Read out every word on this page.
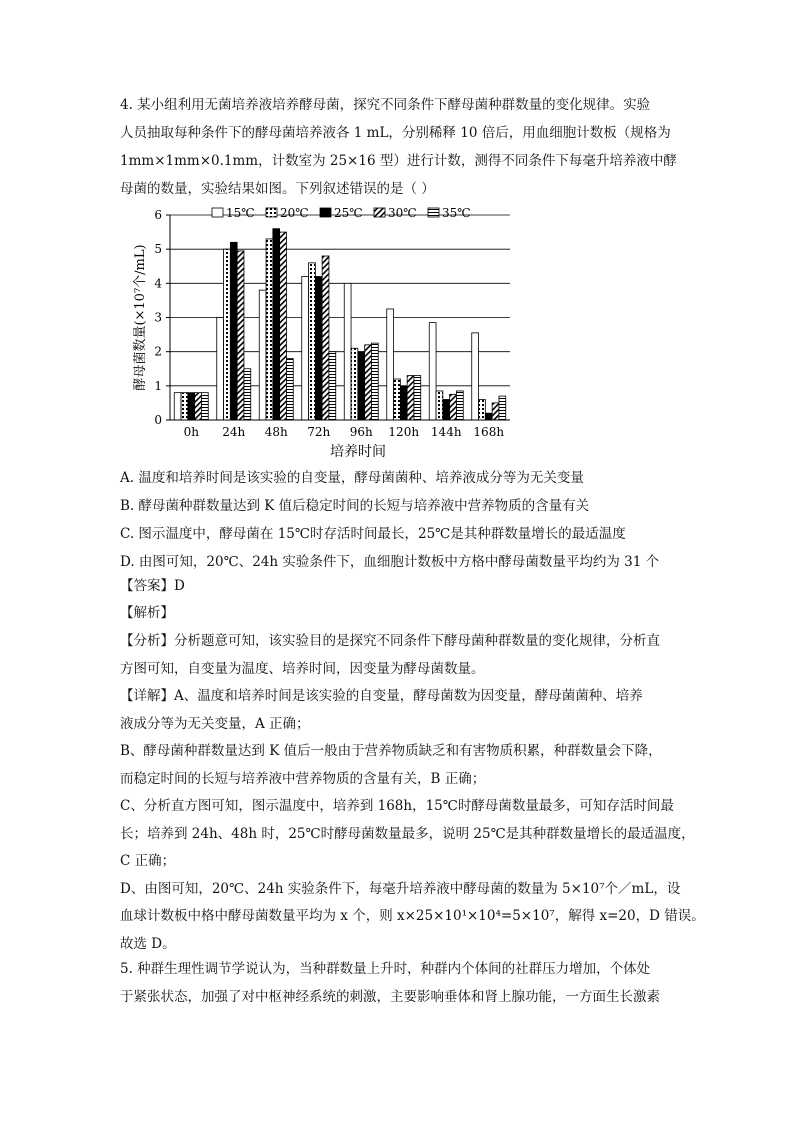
4. 某小组利用无菌培养液培养酵母菌，探究不同条件下酵母菌种群数量的变化规律。实验
人员抽取每种条件下的酵母菌培养液各 1 mL，分别稀释 10 倍后，用血细胞计数板（规格为
1mm×1mm×0.1mm，计数室为 25×16 型）进行计数，测得不同条件下每毫升培养液中酵
母菌的数量，实验结果如图。下列叙述错误的是（ ）
0
1
2
3
4
5
6
酵母菌数量(×10⁷个/mL)
培养时间
0h 24h 48h 72h 96h 120h 144h 168h
15℃ 20℃ 25℃ 30℃ 35℃
A. 温度和培养时间是该实验的自变量，酵母菌菌种、培养液成分等为无关变量
B. 酵母菌种群数量达到 K 值后稳定时间的长短与培养液中营养物质的含量有关
C. 图示温度中，酵母菌在 15℃时存活时间最长，25℃是其种群数量增长的最适温度
D. 由图可知，20℃、24h 实验条件下，血细胞计数板中方格中酵母菌数量平均约为 31 个
【答案】D
【解析】
【分析】分析题意可知，该实验目的是探究不同条件下酵母菌种群数量的变化规律，分析直
方图可知，自变量为温度、培养时间，因变量为酵母菌数量。
【详解】A、温度和培养时间是该实验的自变量，酵母菌数为因变量，酵母菌菌种、培养
液成分等为无关变量，A 正确；
B、酵母菌种群数量达到 K 值后一般由于营养物质缺乏和有害物质积累，种群数量会下降，
而稳定时间的长短与培养液中营养物质的含量有关，B 正确；
C、分析直方图可知，图示温度中，培养到 168h，15℃时酵母菌数量最多，可知存活时间最
长；培养到 24h、48h 时，25℃时酵母菌数量最多，说明 25℃是其种群数量增长的最适温度，
C 正确；
D、由图可知，20℃、24h 实验条件下，每毫升培养液中酵母菌的数量为 5×10⁷个／mL，设
血球计数板中格中酵母菌数量平均为 x 个，则 x×25×10¹×10⁴=5×10⁷，解得 x=20，D 错误。
故选 D。
5. 种群生理性调节学说认为，当种群数量上升时，种群内个体间的社群压力增加，个体处
于紧张状态，加强了对中枢神经系统的刺激，主要影响垂体和肾上腺功能，一方面生长激素
